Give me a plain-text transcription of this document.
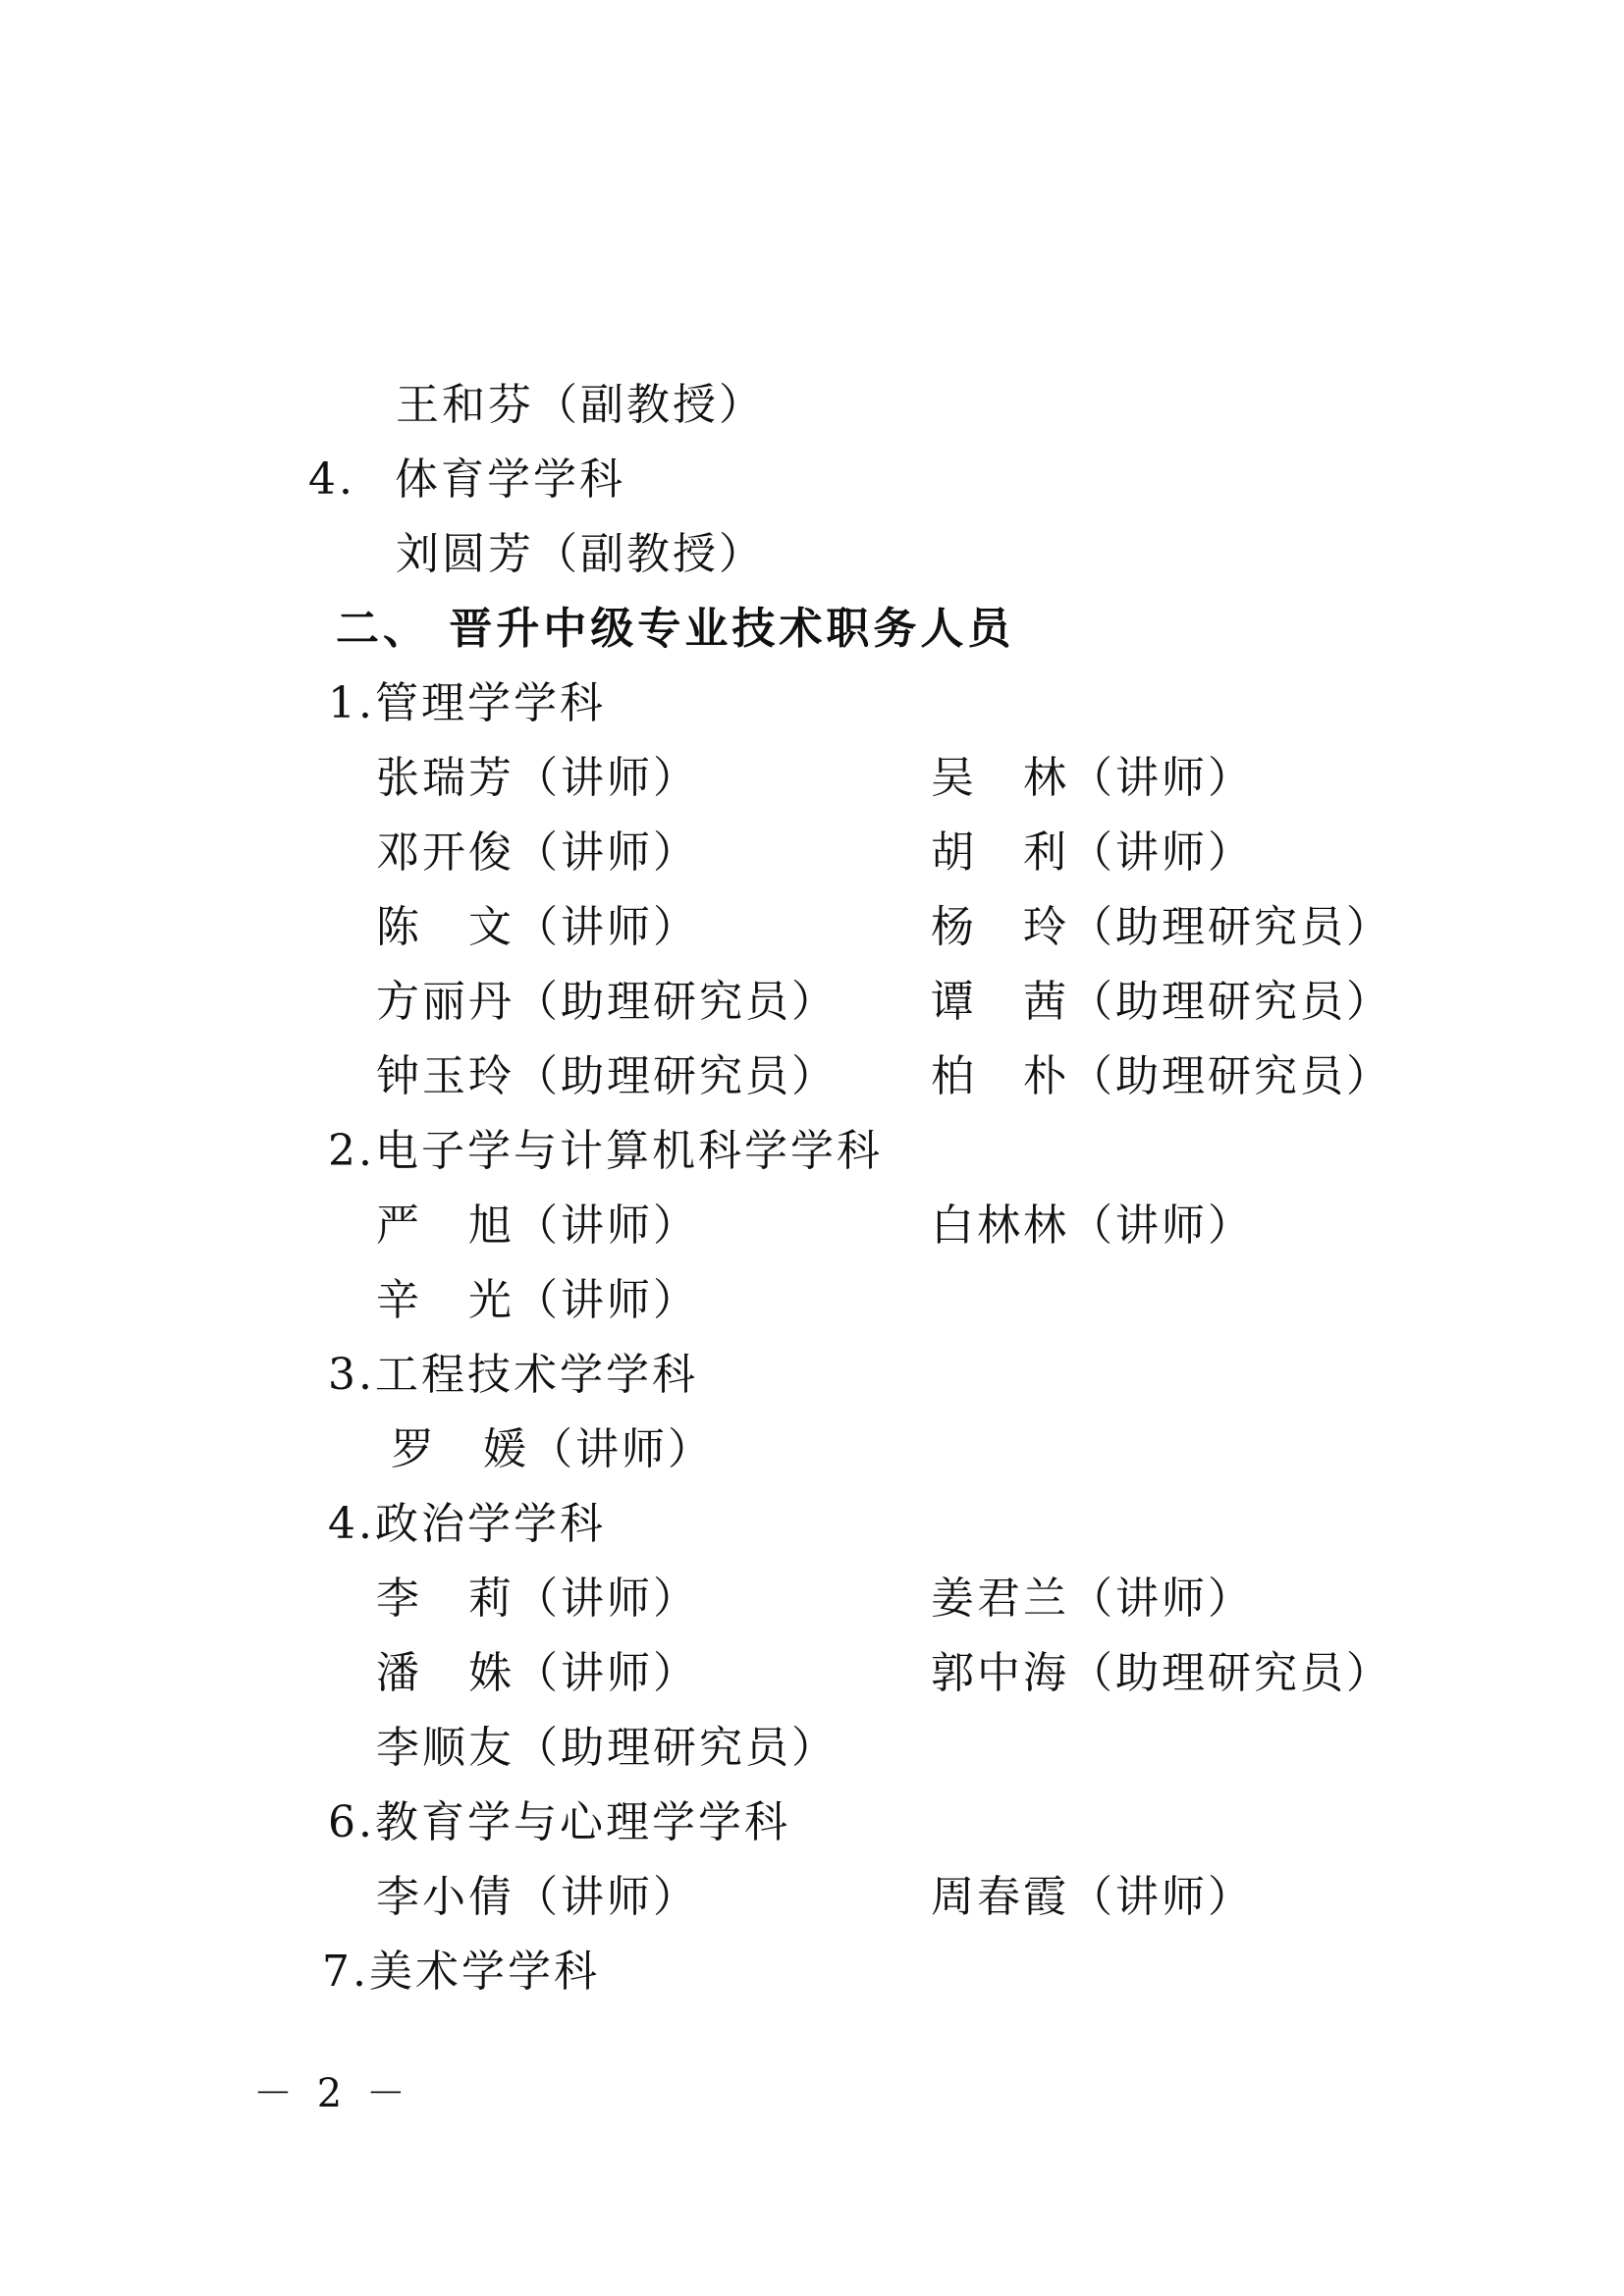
王和芬（副教授）
4. 体育学学科
刘圆芳（副教授）
二、 晋升中级专业技术职务人员
1.管理学学科
张瑞芳（讲师）	吴　林（讲师）
邓开俊（讲师）	胡　利（讲师）
陈　文（讲师）	杨　玲（助理研究员）
方丽丹（助理研究员） 谭　茜（助理研究员）
钟玉玲（助理研究员） 柏　朴（助理研究员）
2.电子学与计算机科学学科
严　旭（讲师）	白林林（讲师）
辛　光（讲师）
3.工程技术学学科
罗　媛（讲师）
4.政治学学科
李　莉（讲师）	姜君兰（讲师）
潘　姝（讲师）	郭中海（助理研究员）
李顺友（助理研究员）
6.教育学与心理学学科
李小倩（讲师）	周春霞（讲师）
7.美术学学科
－ 2 －
